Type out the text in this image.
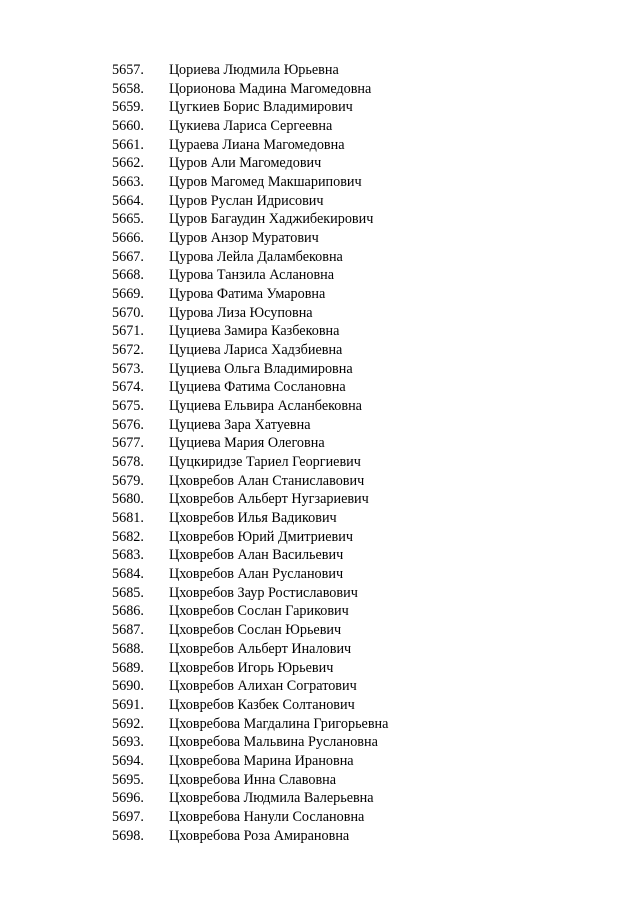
5657.	Цориева Людмила Юрьевна
5658.	Цорионова Мадина Магомедовна
5659.	Цугкиев Борис Владимирович
5660.	Цукиева Лариса Сергеевна
5661.	Цураева Лиана Магомедовна
5662.	Цуров Али Магомедович
5663.	Цуров Магомед Макшарипович
5664.	Цуров Руслан Идрисович
5665.	Цуров Багаудин Хаджибекирович
5666.	Цуров Анзор Муратович
5667.	Цурова Лейла Даламбековна
5668.	Цурова Танзила Аслановна
5669.	Цурова Фатима Умаровна
5670.	Цурова Лиза Юсуповна
5671.	Цуциева Замира Казбековна
5672.	Цуциева Лариса Хадзбиевна
5673.	Цуциева Ольга Владимировна
5674.	Цуциева Фатима Сослановна
5675.	Цуциева Ельвира Асланбековна
5676.	Цуциева Зара Хатуевна
5677.	Цуциева Мария Олеговна
5678.	Цуцкиридзе Тариел Георгиевич
5679.	Цховребов Алан Станиславович
5680.	Цховребов Альберт Нугзариевич
5681.	Цховребов Илья Вадикович
5682.	Цховребов Юрий Дмитриевич
5683.	Цховребов Алан Васильевич
5684.	Цховребов Алан Русланович
5685.	Цховребов Заур Ростиславович
5686.	Цховребов Сослан Гарикович
5687.	Цховребов Сослан Юрьевич
5688.	Цховребов Альберт Иналович
5689.	Цховребов Игорь Юрьевич
5690.	Цховребов Алихан Согратович
5691.	Цховребов Казбек Солтанович
5692.	Цховребова Магдалина Григорьевна
5693.	Цховребова Мальвина Руслановна
5694.	Цховребова Марина Ирановна
5695.	Цховребова Инна Славовна
5696.	Цховребова Людмила Валерьевна
5697.	Цховребова Нанули Сослановна
5698.	Цховребова Роза Амирановна
